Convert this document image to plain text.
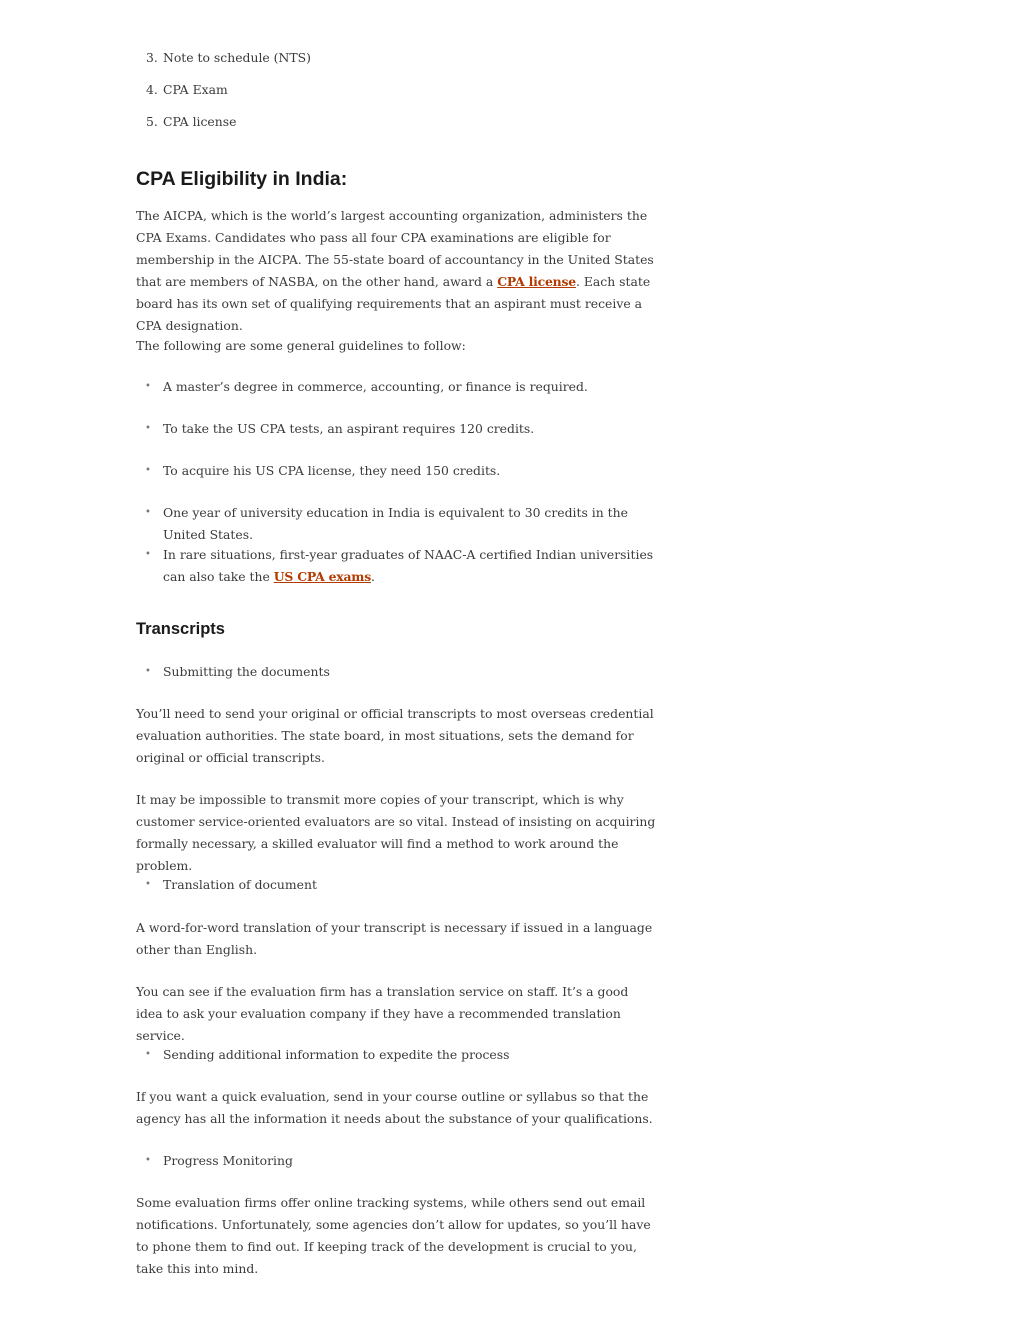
3. Note to schedule (NTS)
4. CPA Exam
5. CPA license
CPA Eligibility in India:

The AICPA, which is the world’s largest accounting organization, administers the CPA Exams. Candidates who pass all four CPA examinations are eligible for membership in the AICPA. The 55-state board of accountancy in the United States that are members of NASBA, on the other hand, award a CPA license. Each state board has its own set of qualifying requirements that an aspirant must receive a CPA designation.

The following are some general guidelines to follow:

• A master’s degree in commerce, accounting, or finance is required.
• To take the US CPA tests, an aspirant requires 120 credits.
• To acquire his US CPA license, they need 150 credits.
• One year of university education in India is equivalent to 30 credits in the United States.
• In rare situations, first-year graduates of NAAC-A certified Indian universities can also take the US CPA exams.
Transcripts
• Submitting the documents

You’ll need to send your original or official transcripts to most overseas credential evaluation authorities. The state board, in most situations, sets the demand for original or official transcripts.

It may be impossible to transmit more copies of your transcript, which is why customer service-oriented evaluators are so vital. Instead of insisting on acquiring formally necessary, a skilled evaluator will find a method to work around the problem.

• Translation of document

A word-for-word translation of your transcript is necessary if issued in a language other than English.

You can see if the evaluation firm has a translation service on staff. It’s a good idea to ask your evaluation company if they have a recommended translation service.

• Sending additional information to expedite the process

If you want a quick evaluation, send in your course outline or syllabus so that the agency has all the information it needs about the substance of your qualifications.

• Progress Monitoring

Some evaluation firms offer online tracking systems, while others send out email notifications. Unfortunately, some agencies don’t allow for updates, so you’ll have to phone them to find out. If keeping track of the development is crucial to you, take this into mind.
